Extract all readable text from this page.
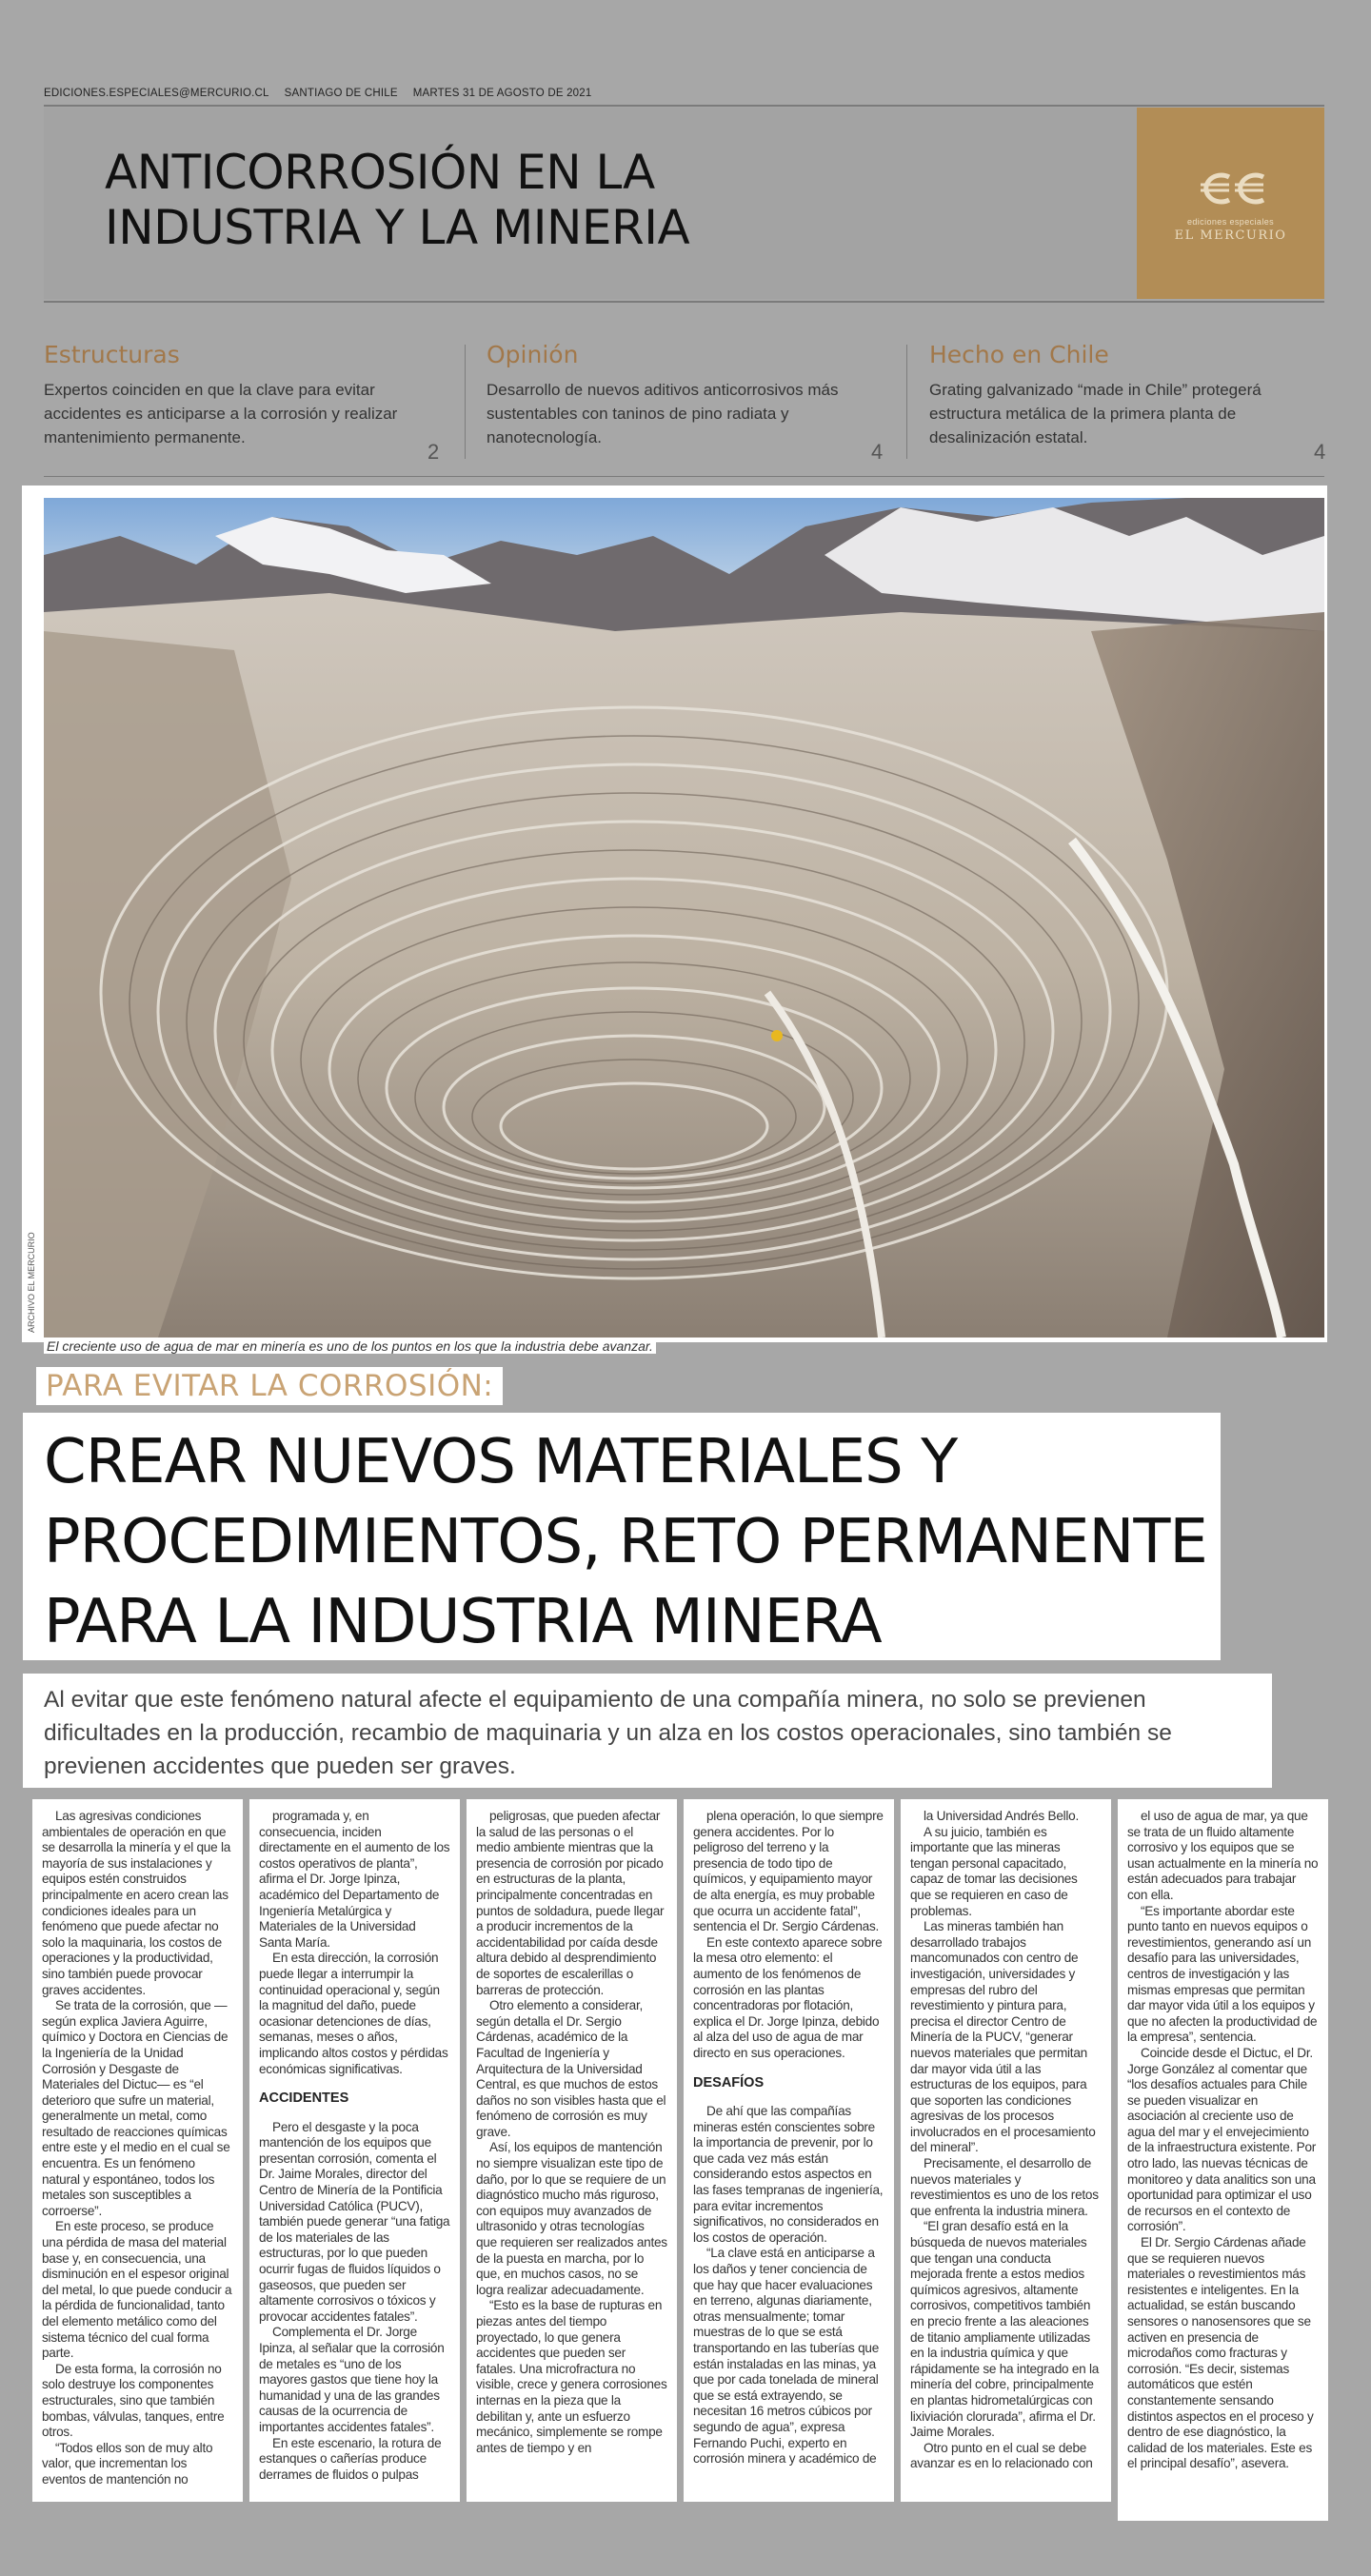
EDICIONES.ESPECIALES@MERCURIO.CL SANTIAGO DE CHILE MARTES 31 DE AGOSTO DE 2021
ANTICORROSIÓN EN LA
INDUSTRIA Y LA MINERIA	ediciones especiales
EL MERCURIO
Estructuras

Expertos coinciden en que la clave para evitar accidentes es anticiparse a la corrosión y realizar mantenimiento permanente.

2
Opinión

Desarrollo de nuevos aditivos anticorrosivos más sustentables con taninos de pino radiata y nanotecnología.

4
Hecho en Chile

Grating galvanizado “made in Chile” protegerá estructura metálica de la primera planta de desalinización estatal.

4
ARCHIVO EL MERCURIO
El creciente uso de agua de mar en minería es uno de los puntos en los que la industria debe avanzar.
PARA EVITAR LA CORROSIÓN:
CREAR NUEVOS MATERIALES Y
PROCEDIMIENTOS, RETO PERMANENTE
PARA LA INDUSTRIA MINERA
Al evitar que este fenómeno natural afecte el equipamiento de una compañía minera, no solo se previenen
dificultades en la producción, recambio de maquinaria y un alza en los costos operacionales, sino también se
previenen accidentes que pueden ser graves.

Las agresivas condiciones ambientales de operación en que se desarrolla la minería y el que la mayoría de sus instalaciones y equipos estén construidos principalmente en acero crean las condiciones ideales para un fenómeno que puede afectar no solo la maquinaria, los costos de operaciones y la productividad, sino también puede provocar graves accidentes.

Se trata de la corrosión, que —según explica Javiera Aguirre, químico y Doctora en Ciencias de la Ingeniería de la Unidad Corrosión y Desgaste de Materiales del Dictuc— es “el deterioro que sufre un material, generalmente un metal, como resultado de reacciones químicas entre este y el medio en el cual se encuentra. Es un fenómeno natural y espontáneo, todos los metales son susceptibles a corroerse”.

En este proceso, se produce una pérdida de masa del material base y, en consecuencia, una disminución en el espesor original del metal, lo que puede conducir a la pérdida de funcionalidad, tanto del elemento metálico como del sistema técnico del cual forma parte.

De esta forma, la corrosión no solo destruye los componentes estructurales, sino que también bombas, válvulas, tanques, entre otros.

“Todos ellos son de muy alto valor, que incrementan los eventos de mantención no

programada y, en consecuencia, inciden directamente en el aumento de los costos operativos de planta”, afirma el Dr. Jorge Ipinza, académico del Departamento de Ingeniería Metalúrgica y Materiales de la Universidad Santa María.

En esta dirección, la corrosión puede llegar a interrumpir la continuidad operacional y, según la magnitud del daño, puede ocasionar detenciones de días, semanas, meses o años, implicando altos costos y pérdidas económicas significativas.

ACCIDENTES

Pero el desgaste y la poca mantención de los equipos que presentan corrosión, comenta el Dr. Jaime Morales, director del Centro de Minería de la Pontificia Universidad Católica (PUCV), también puede generar “una fatiga de los materiales de las estructuras, por lo que pueden ocurrir fugas de fluidos líquidos o gaseosos, que pueden ser altamente corrosivos o tóxicos y provocar accidentes fatales”.

Complementa el Dr. Jorge Ipinza, al señalar que la corrosión de metales es “uno de los mayores gastos que tiene hoy la humanidad y una de las grandes causas de la ocurrencia de importantes accidentes fatales”.

En este escenario, la rotura de estanques o cañerías produce derrames de fluidos o pulpas

peligrosas, que pueden afectar la salud de las personas o el medio ambiente mientras que la presencia de corrosión por picado en estructuras de la planta, principalmente concentradas en puntos de soldadura, puede llegar a producir incrementos de la accidentabilidad por caída desde altura debido al desprendimiento de soportes de escalerillas o barreras de protección.

Otro elemento a considerar, según detalla el Dr. Sergio Cárdenas, académico de la Facultad de Ingeniería y Arquitectura de la Universidad Central, es que muchos de estos daños no son visibles hasta que el fenómeno de corrosión es muy grave.

Así, los equipos de mantención no siempre visualizan este tipo de daño, por lo que se requiere de un diagnóstico mucho más riguroso, con equipos muy avanzados de ultrasonido y otras tecnologías que requieren ser realizados antes de la puesta en marcha, por lo que, en muchos casos, no se logra realizar adecuadamente.

“Esto es la base de rupturas en piezas antes del tiempo proyectado, lo que genera accidentes que pueden ser fatales. Una microfractura no visible, crece y genera corrosiones internas en la pieza que la debilitan y, ante un esfuerzo mecánico, simplemente se rompe antes de tiempo y en

plena operación, lo que siempre genera accidentes. Por lo peligroso del terreno y la presencia de todo tipo de químicos, y equipamiento mayor de alta energía, es muy probable que ocurra un accidente fatal”, sentencia el Dr. Sergio Cárdenas.

En este contexto aparece sobre la mesa otro elemento: el aumento de los fenómenos de corrosión en las plantas concentradoras por flotación, explica el Dr. Jorge Ipinza, debido al alza del uso de agua de mar directo en sus operaciones.

DESAFÍOS

De ahí que las compañías mineras estén conscientes sobre la importancia de prevenir, por lo que cada vez más están considerando estos aspectos en las fases tempranas de ingeniería, para evitar incrementos significativos, no considerados en los costos de operación.

“La clave está en anticiparse a los daños y tener conciencia de que hay que hacer evaluaciones en terreno, algunas diariamente, otras mensualmente; tomar muestras de lo que se está transportando en las tuberías que están instaladas en las minas, ya que por cada tonelada de mineral que se está extrayendo, se necesitan 16 metros cúbicos por segundo de agua”, expresa Fernando Puchi, experto en corrosión minera y académico de

la Universidad Andrés Bello.

A su juicio, también es importante que las mineras tengan personal capacitado, capaz de tomar las decisiones que se requieren en caso de problemas.

Las mineras también han desarrollado trabajos mancomunados con centro de investigación, universidades y empresas del rubro del revestimiento y pintura para, precisa el director Centro de Minería de la PUCV, “generar nuevos materiales que permitan dar mayor vida útil a las estructuras de los equipos, para que soporten las condiciones agresivas de los procesos involucrados en el procesamiento del mineral”.

Precisamente, el desarrollo de nuevos materiales y revestimientos es uno de los retos que enfrenta la industria minera.

“El gran desafío está en la búsqueda de nuevos materiales que tengan una conducta mejorada frente a estos medios químicos agresivos, altamente corrosivos, competitivos también en precio frente a las aleaciones de titanio ampliamente utilizadas en la industria química y que rápidamente se ha integrado en la minería del cobre, principalmente en plantas hidrometalúrgicas con lixiviación clorurada”, afirma el Dr. Jaime Morales.

Otro punto en el cual se debe avanzar es en lo relacionado con

el uso de agua de mar, ya que se trata de un fluido altamente corrosivo y los equipos que se usan actualmente en la minería no están adecuados para trabajar con ella.

“Es importante abordar este punto tanto en nuevos equipos o revestimientos, generando así un desafío para las universidades, centros de investigación y las mismas empresas que permitan dar mayor vida útil a los equipos y que no afecten la productividad de la empresa”, sentencia.

Coincide desde el Dictuc, el Dr. Jorge González al comentar que “los desafíos actuales para Chile se pueden visualizar en asociación al creciente uso de agua del mar y el envejecimiento de la infraestructura existente. Por otro lado, las nuevas técnicas de monitoreo y data analitics son una oportunidad para optimizar el uso de recursos en el contexto de corrosión”.

El Dr. Sergio Cárdenas añade que se requieren nuevos materiales o revestimientos más resistentes e inteligentes. En la actualidad, se están buscando sensores o nanosensores que se activen en presencia de microdaños como fracturas y corrosión. “Es decir, sistemas automáticos que estén constantemente sensando distintos aspectos en el proceso y dentro de ese diagnóstico, la calidad de los materiales. Este es el principal desafío”, asevera.
